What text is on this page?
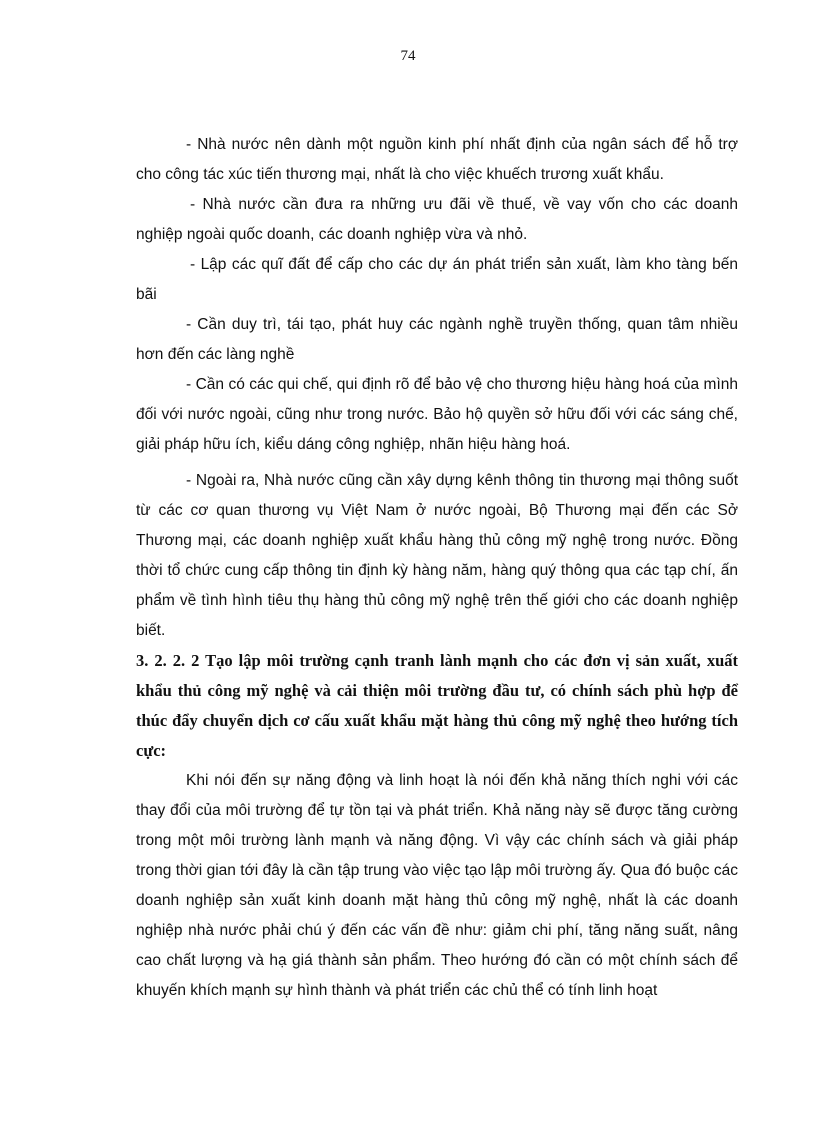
74

- Nhà nước nên dành một nguồn kinh phí nhất định của ngân sách để hỗ trợ cho công tác xúc tiến thương mại, nhất là cho việc khuếch trương xuất khẩu.

- Nhà nước cần đưa ra những ưu đãi về thuế, về vay vốn cho các doanh nghiệp ngoài quốc doanh, các doanh nghiệp vừa và nhỏ.

- Lập các quĩ đất để cấp cho các dự án phát triển sản xuất, làm kho tàng bến bãi

- Cần duy trì, tái tạo, phát huy các ngành nghề truyền thống, quan tâm nhiều hơn đến các làng nghề

- Cần có các qui chế, qui định rõ để bảo vệ cho thương hiệu hàng hoá của mình đối với nước ngoài, cũng như trong nước. Bảo hộ quyền sở hữu đối với các sáng chế, giải pháp hữu ích, kiểu dáng công nghiệp, nhãn hiệu hàng hoá.

- Ngoài ra, Nhà nước cũng cần xây dựng kênh thông tin thương mại thông suốt từ các cơ quan thương vụ Việt Nam ở nước ngoài, Bộ Thương mại đến các Sở Thương mại, các doanh nghiệp xuất khẩu hàng thủ công mỹ nghệ trong nước. Đồng thời tổ chức cung cấp thông tin định kỳ hàng năm, hàng quý thông qua các tạp chí, ấn phẩm về tình hình tiêu thụ hàng thủ công mỹ nghệ trên thế giới cho các doanh nghiệp biết.

3. 2. 2. 2 Tạo lập môi trường cạnh tranh lành mạnh cho các đơn vị sản xuất, xuất khẩu thủ công mỹ nghệ và cải thiện môi trường đầu tư, có chính sách phù hợp để thúc đẩy chuyển dịch cơ cấu xuất khẩu mặt hàng thủ công mỹ nghệ theo hướng tích cực:

Khi nói đến sự năng động và linh hoạt là nói đến khả năng thích nghi với các thay đổi của môi trường để tự tồn tại và phát triển. Khả năng này sẽ được tăng cường trong một môi trường lành mạnh và năng động. Vì vậy các chính sách và giải pháp trong thời gian tới đây là cần tập trung vào việc tạo lập môi trường ấy. Qua đó buộc các doanh nghiệp sản xuất kinh doanh mặt hàng thủ công mỹ nghệ, nhất là các doanh nghiệp nhà nước phải chú ý đến các vấn đề như: giảm chi phí, tăng năng suất, nâng cao chất lượng và hạ giá thành sản phẩm. Theo hướng đó cần có một chính sách để khuyến khích mạnh sự hình thành và phát triển các chủ thể có tính linh hoạt
